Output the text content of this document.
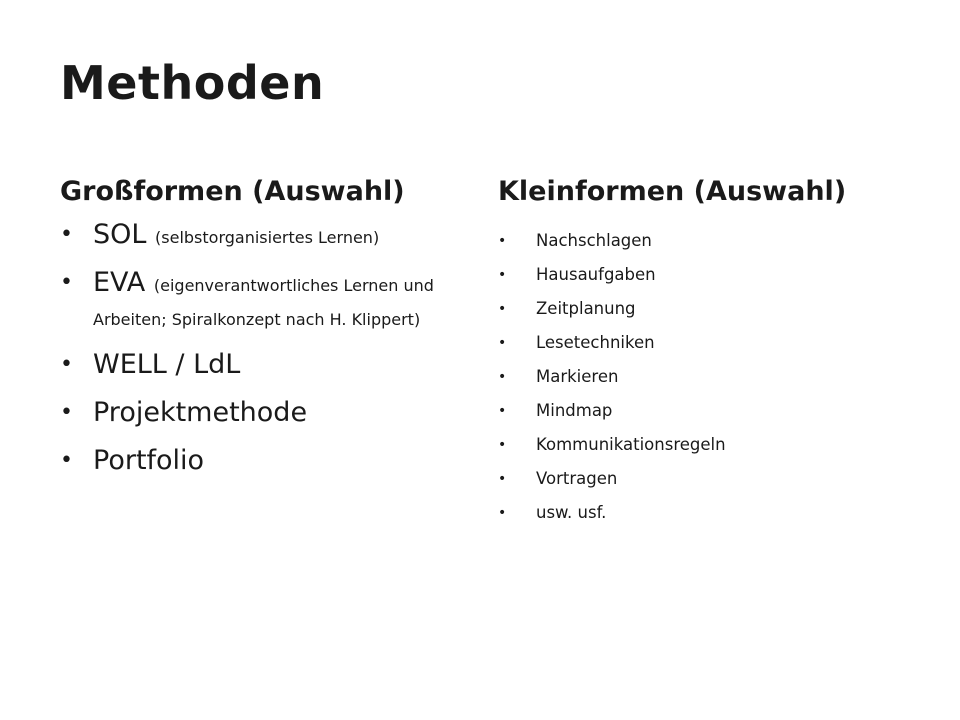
Methoden
Großformen (Auswahl)
• SOL (selbstorganisiertes Lernen)
• EVA (eigenverantwortliches Lernen und Arbeiten; Spiralkonzept nach H. Klippert)
• WELL / LdL
• Projektmethode
• Portfolio
Kleinformen (Auswahl)
• Nachschlagen
• Hausaufgaben
• Zeitplanung
• Lesetechniken
• Markieren
• Mindmap
• Kommunikationsregeln
• Vortragen
• usw. usf.
